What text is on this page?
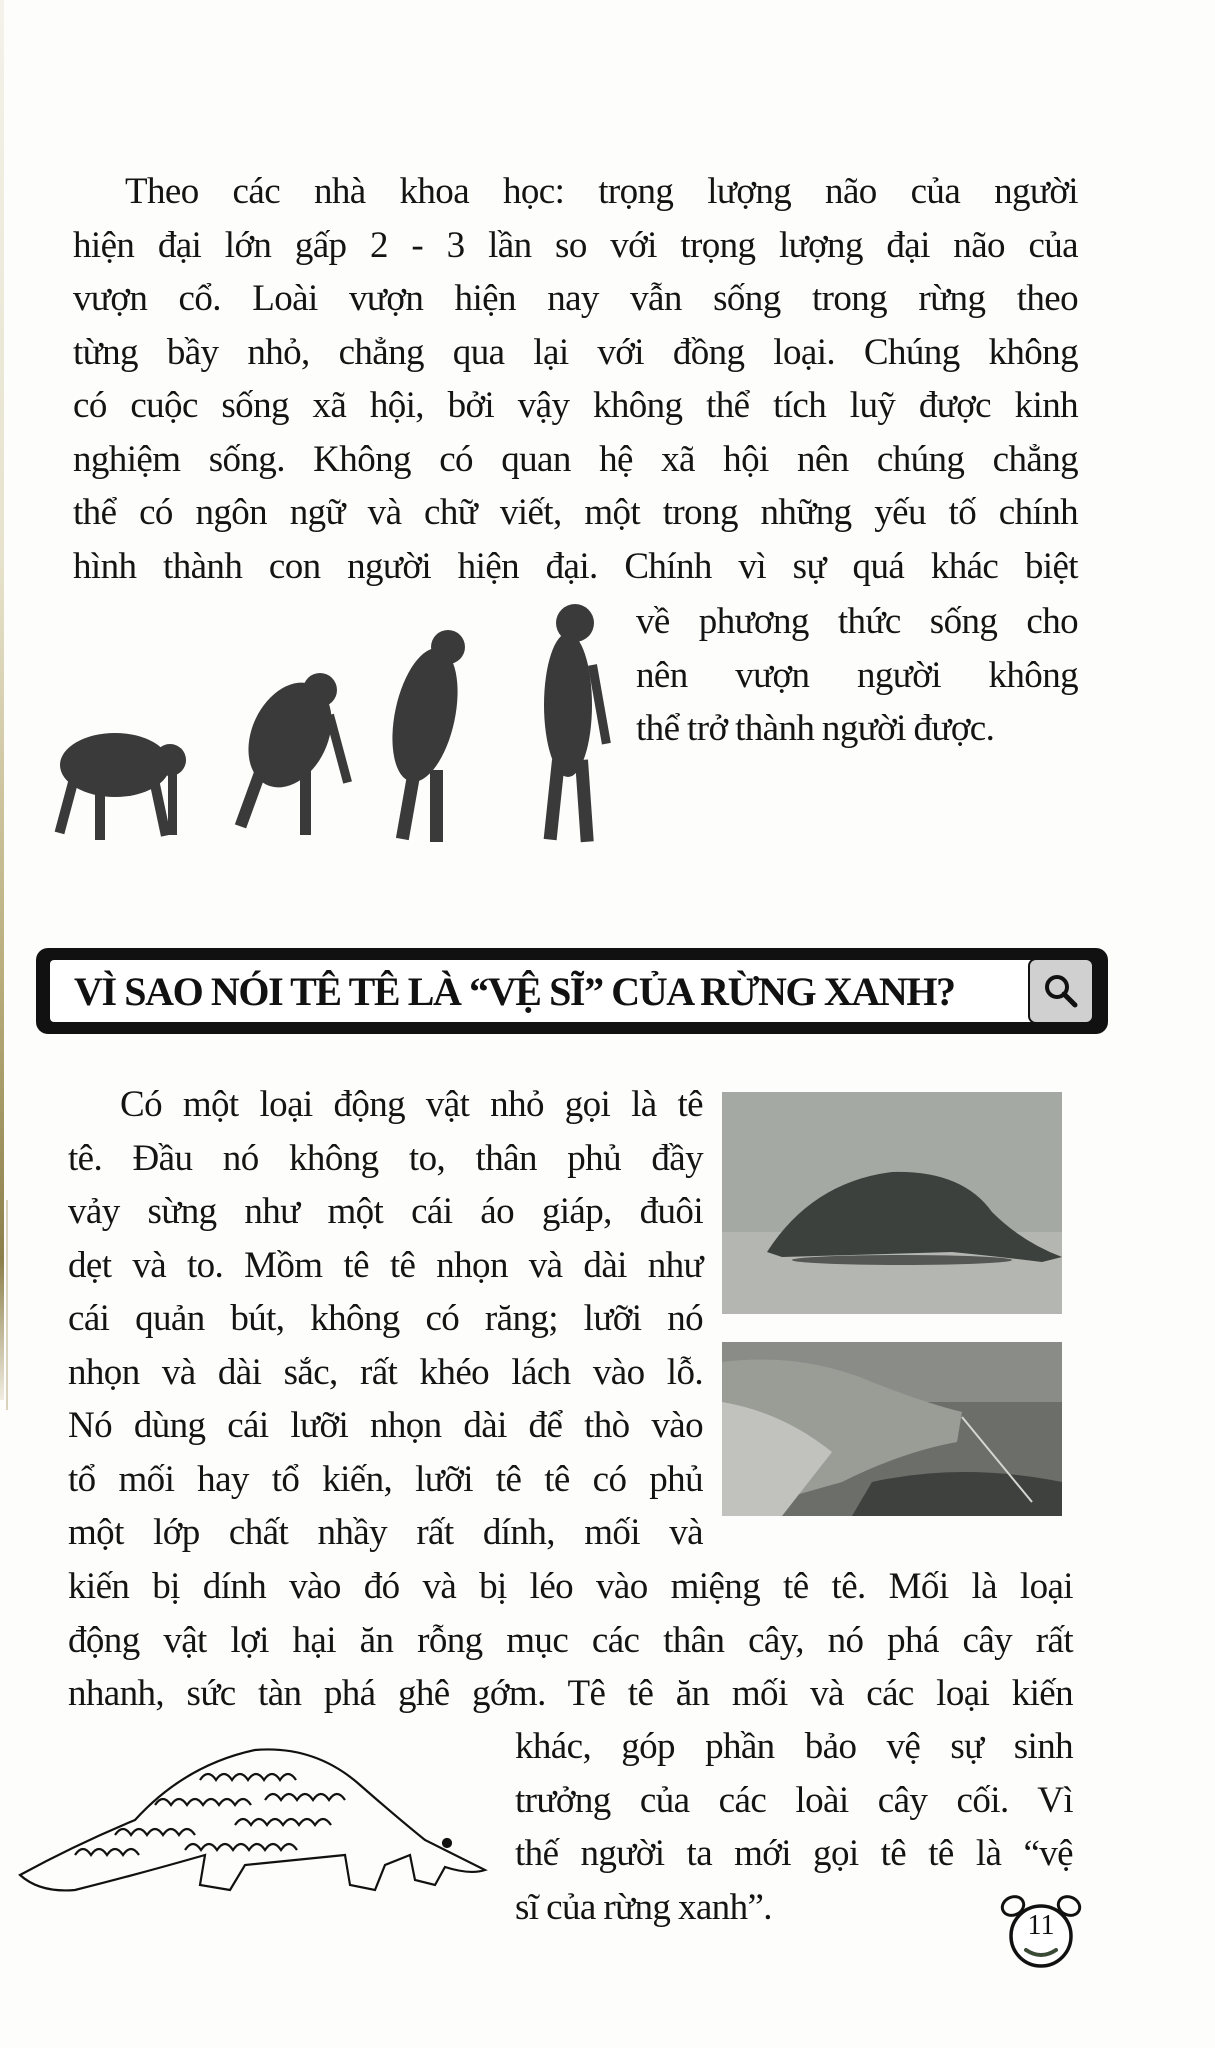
Theo các nhà khoa học: trọng lượng não của người
hiện đại lớn gấp 2 - 3 lần so với trọng lượng đại não của
vượn cổ. Loài vượn hiện nay vẫn sống trong rừng theo
từng bầy nhỏ, chẳng qua lại với đồng loại. Chúng không
có cuộc sống xã hội, bởi vậy không thể tích luỹ được kinh
nghiệm sống. Không có quan hệ xã hội nên chúng chẳng
thể có ngôn ngữ và chữ viết, một trong những yếu tố chính
hình thành con người hiện đại. Chính vì sự quá khác biệt
về phương thức sống cho
nên vượn người không
thể trở thành người được.
VÌ SAO NÓI TÊ TÊ LÀ “VỆ SĨ” CỦA RỪNG XANH?
Có một loại động vật nhỏ gọi là tê
tê. Đầu nó không to, thân phủ đầy
vảy sừng như một cái áo giáp, đuôi
dẹt và to. Mồm tê tê nhọn và dài như
cái quản bút, không có răng; lưỡi nó
nhọn và dài sắc, rất khéo lách vào lỗ.
Nó dùng cái lưỡi nhọn dài để thò vào
tổ mối hay tổ kiến, lưỡi tê tê có phủ
một lớp chất nhầy rất dính, mối và
kiến bị dính vào đó và bị léo vào miệng tê tê. Mối là loại
động vật lợi hại ăn rỗng mục các thân cây, nó phá cây rất
nhanh, sức tàn phá ghê gớm. Tê tê ăn mối và các loại kiến
khác, góp phần bảo vệ sự sinh
trưởng của các loài cây cối. Vì
thế người ta mới gọi tê tê là “vệ
sĩ của rừng xanh”.	11
